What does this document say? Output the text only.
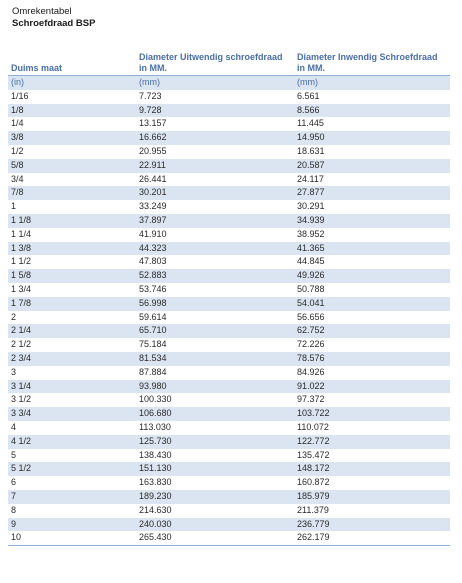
Omrekentabel
Schroefdraad BSP
Duims maat	Diameter Uitwendig schroefdraad in MM.	Diameter Inwendig Schroefdraad in MM.
(in)	(mm)	(mm)
1/16	7.723	6.561
1/8	9.728	8.566
1/4	13.157	11.445
3/8	16.662	14.950
1/2	20.955	18.631
5/8	22.911	20.587
3/4	26.441	24.117
7/8	30.201	27.877
1	33.249	30.291
1 1/8	37.897	34.939
1 1/4	41.910	38.952
1 3/8	44.323	41.365
1 1/2	47.803	44.845
1 5/8	52.883	49.926
1 3/4	53.746	50.788
1 7/8	56.998	54.041
2	59.614	56.656
2 1/4	65.710	62.752
2 1/2	75.184	72.226
2 3/4	81.534	78.576
3	87.884	84.926
3 1/4	93.980	91.022
3 1/2	100.330	97.372
3 3/4	106.680	103.722
4	113.030	110.072
4 1/2	125.730	122.772
5	138.430	135.472
5 1/2	151.130	148.172
6	163.830	160.872
7	189.230	185.979
8	214.630	211.379
9	240.030	236.779
10	265.430	262.179
